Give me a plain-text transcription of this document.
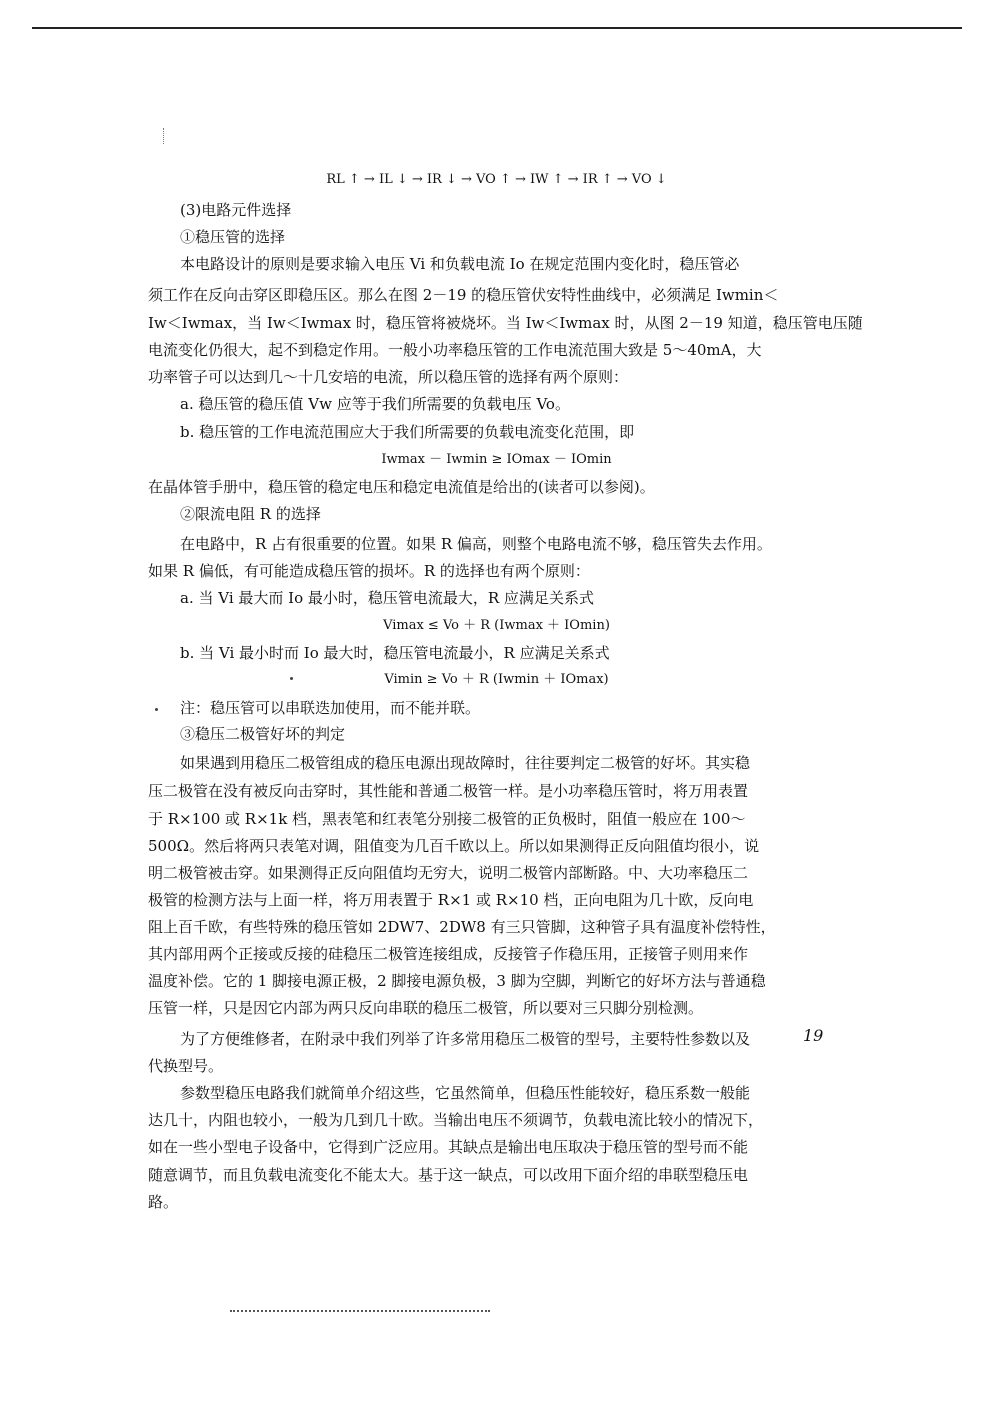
RL ↑ → IL ↓ → IR ↓ → VO ↑ → IW ↑ → IR ↑ → VO ↓
(3)电路元件选择
①稳压管的选择
本电路设计的原则是要求输入电压 Vi 和负载电流 Io 在规定范围内变化时，稳压管必
须工作在反向击穿区即稳压区。那么在图 2－19 的稳压管伏安特性曲线中，必须满足 Iwmin＜
Iw＜Iwmax，当 Iw＜Iwmax 时，稳压管将被烧坏。当 Iw＜Iwmax 时，从图 2－19 知道，稳压管电压随
电流变化仍很大，起不到稳定作用。一般小功率稳压管的工作电流范围大致是 5～40mA，大
功率管子可以达到几～十几安培的电流，所以稳压管的选择有两个原则：
a. 稳压管的稳压值 Vw 应等于我们所需要的负载电压 Vo。
b. 稳压管的工作电流范围应大于我们所需要的负载电流变化范围，即
Iwmax － Iwmin ≥ IOmax － IOmin
在晶体管手册中，稳压管的稳定电压和稳定电流值是给出的(读者可以参阅)。
②限流电阻 R 的选择
在电路中，R 占有很重要的位置。如果 R 偏高，则整个电路电流不够，稳压管失去作用。
如果 R 偏低，有可能造成稳压管的损坏。R 的选择也有两个原则：
a. 当 Vi 最大而 Io 最小时，稳压管电流最大，R 应满足关系式
Vimax ≤ Vo ＋ R (Iwmax ＋ IOmin)
b. 当 Vi 最小时而 Io 最大时，稳压管电流最小，R 应满足关系式
Vimin ≥ Vo ＋ R (Iwmin ＋ IOmax)
注：稳压管可以串联迭加使用，而不能并联。
③稳压二极管好坏的判定
如果遇到用稳压二极管组成的稳压电源出现故障时，往往要判定二极管的好坏。其实稳
压二极管在没有被反向击穿时，其性能和普通二极管一样。是小功率稳压管时，将万用表置
于 R×100 或 R×1k 档，黑表笔和红表笔分别接二极管的正负极时，阻值一般应在 100～
500Ω。然后将两只表笔对调，阻值变为几百千欧以上。所以如果测得正反向阻值均很小，说
明二极管被击穿。如果测得正反向阻值均无穷大，说明二极管内部断路。中、大功率稳压二
极管的检测方法与上面一样，将万用表置于 R×1 或 R×10 档，正向电阻为几十欧，反向电
阻上百千欧，有些特殊的稳压管如 2DW7、2DW8 有三只管脚，这种管子具有温度补偿特性，
其内部用两个正接或反接的硅稳压二极管连接组成，反接管子作稳压用，正接管子则用来作
温度补偿。它的 1 脚接电源正极，2 脚接电源负极，3 脚为空脚，判断它的好坏方法与普通稳
压管一样，只是因它内部为两只反向串联的稳压二极管，所以要对三只脚分别检测。
为了方便维修者，在附录中我们列举了许多常用稳压二极管的型号，主要特性参数以及
代换型号。
参数型稳压电路我们就简单介绍这些，它虽然简单，但稳压性能较好，稳压系数一般能
达几十，内阻也较小，一般为几到几十欧。当输出电压不须调节，负载电流比较小的情况下，
如在一些小型电子设备中，它得到广泛应用。其缺点是输出电压取决于稳压管的型号而不能
随意调节，而且负载电流变化不能太大。基于这一缺点，可以改用下面介绍的串联型稳压电
路。
19
